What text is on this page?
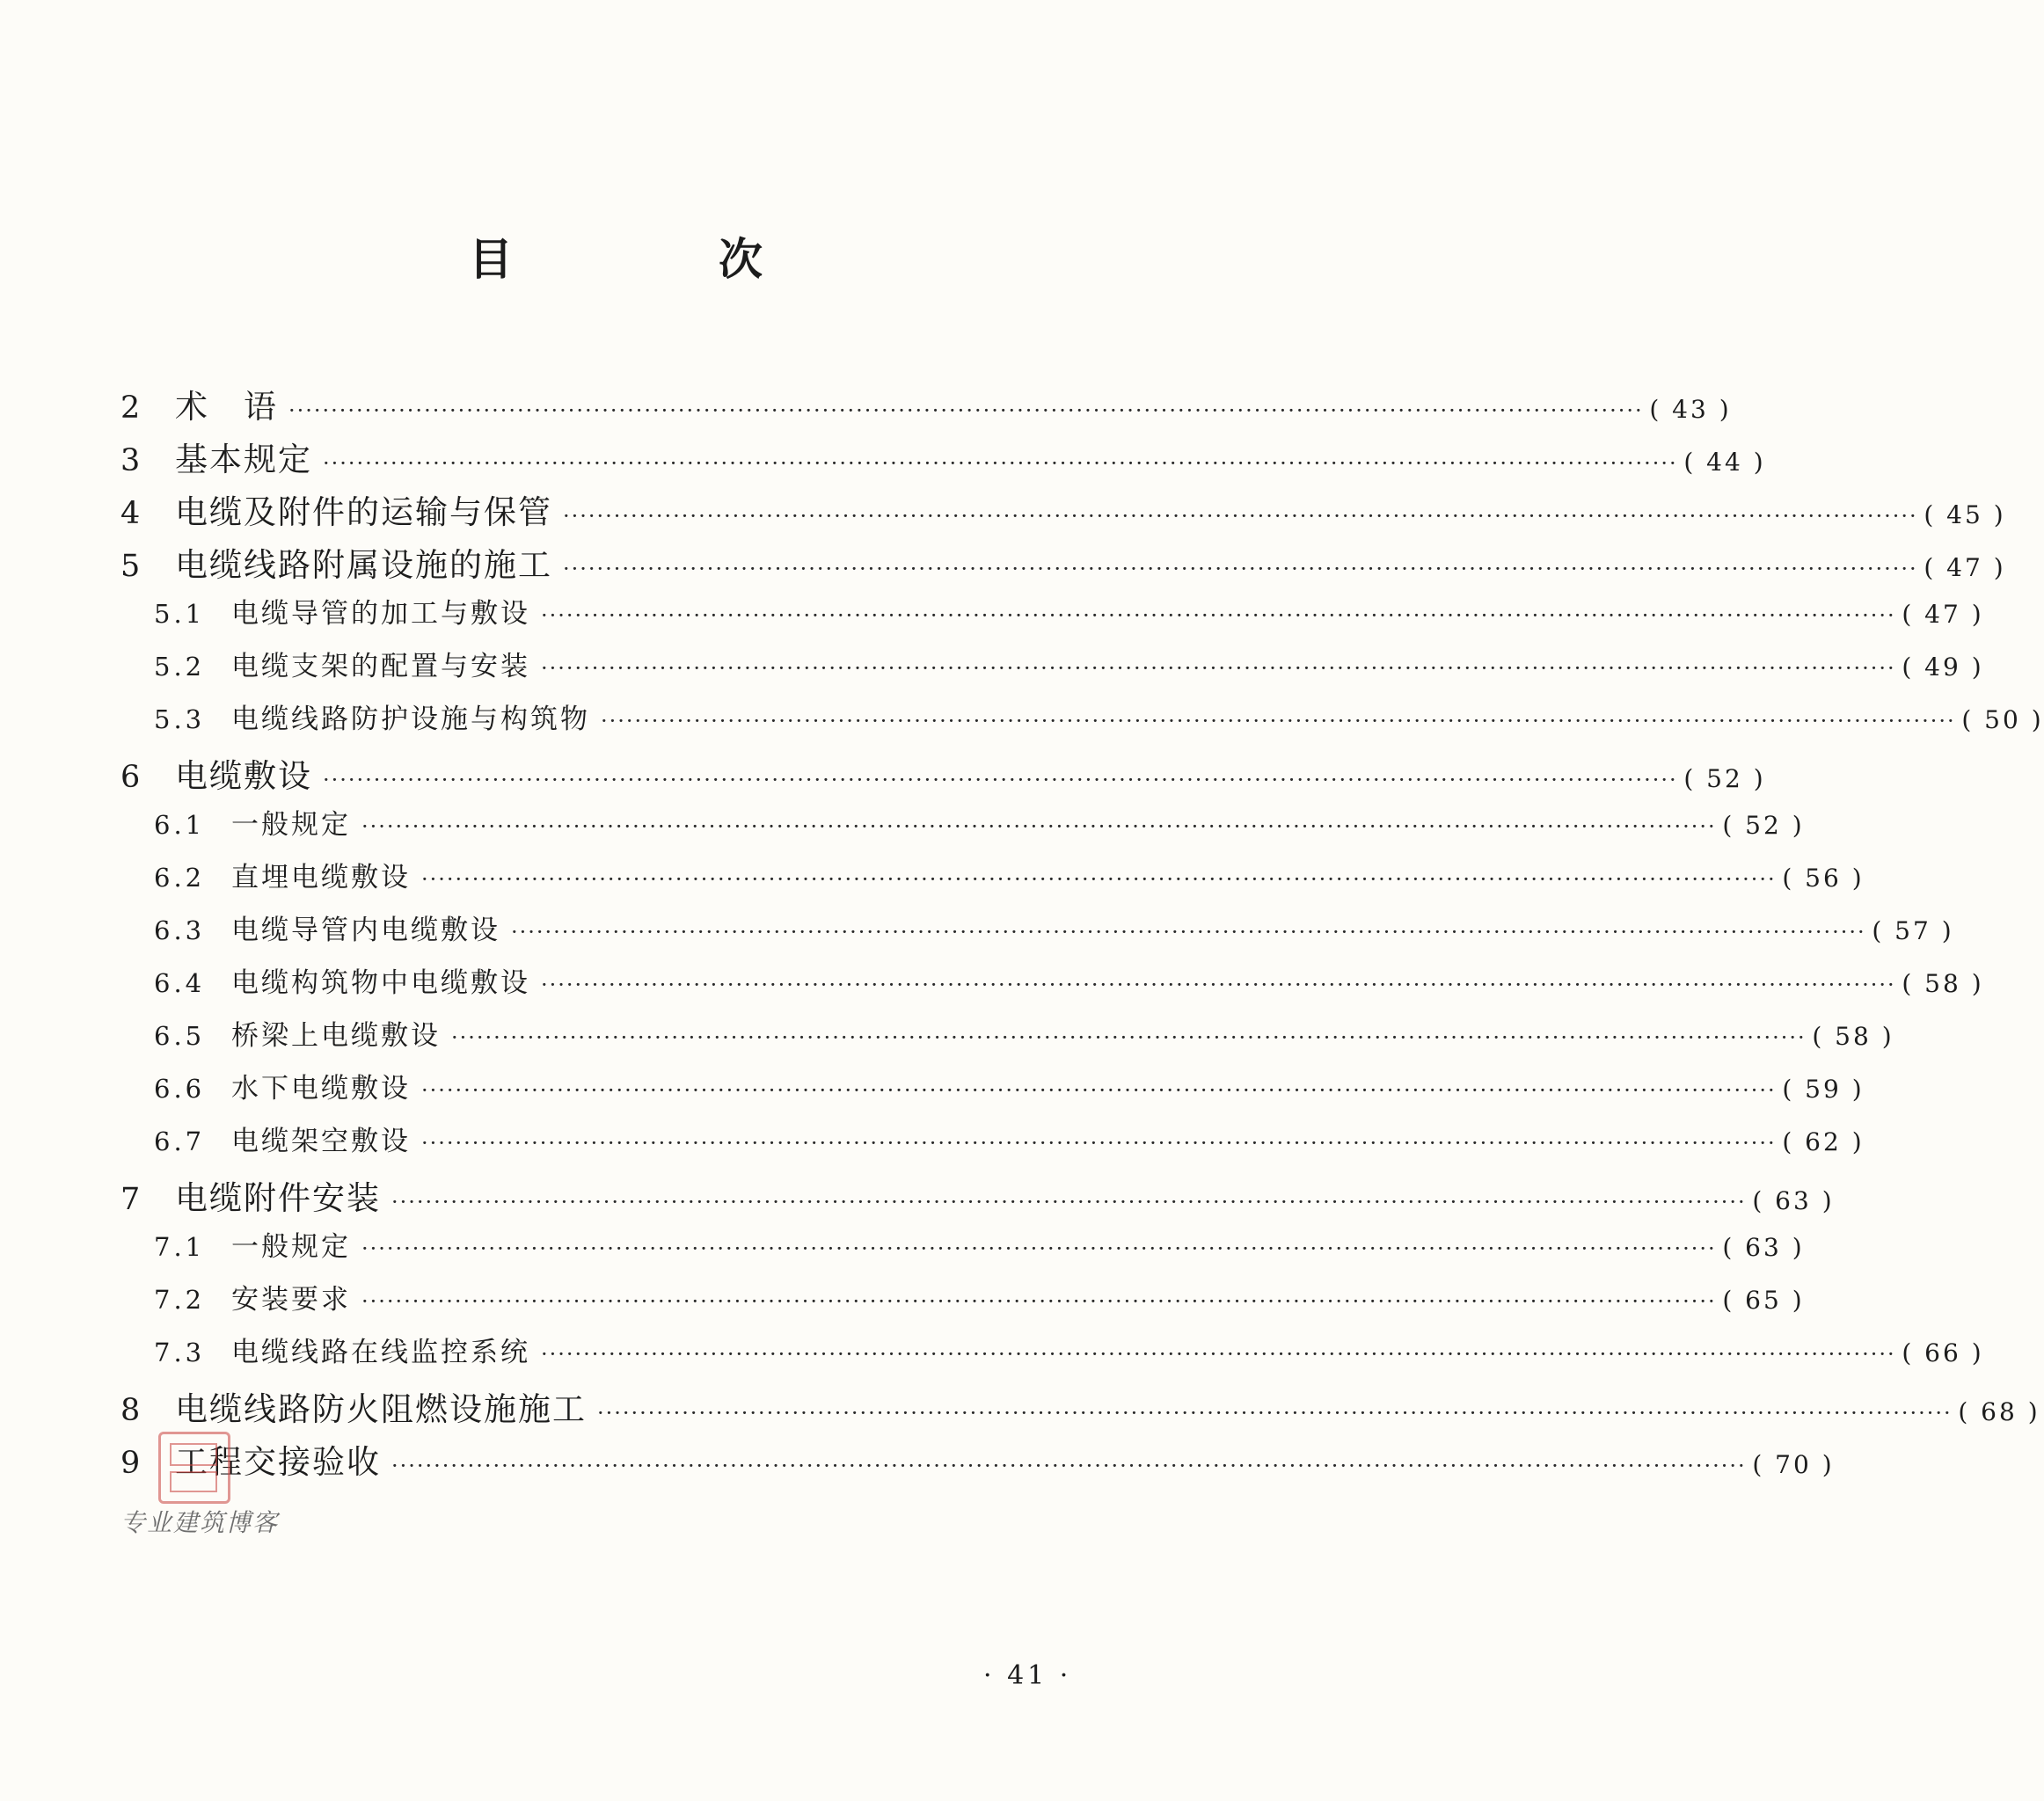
目　次
2	术　语 ································································································································································ ( 43 )
3	基本规定 ································································································································································ ( 44 )
4	电缆及附件的运输与保管 ································································································································································ ( 45 )
5	电缆线路附属设施的施工 ································································································································································ ( 47 )
5.1 电缆导管的加工与敷设 ································································································································································ ( 47 )
5.2 电缆支架的配置与安装 ································································································································································ ( 49 )
5.3 电缆线路防护设施与构筑物 ································································································································································ ( 50 )
6	电缆敷设 ································································································································································ ( 52 )
6.1 一般规定 ································································································································································ ( 52 )
6.2 直埋电缆敷设 ································································································································································ ( 56 )
6.3 电缆导管内电缆敷设 ································································································································································ ( 57 )
6.4 电缆构筑物中电缆敷设 ································································································································································ ( 58 )
6.5 桥梁上电缆敷设 ································································································································································ ( 58 )
6.6 水下电缆敷设 ································································································································································ ( 59 )
6.7 电缆架空敷设 ································································································································································ ( 62 )
7	电缆附件安装 ································································································································································ ( 63 )
7.1 一般规定 ································································································································································ ( 63 )
7.2 安装要求 ································································································································································ ( 65 )
7.3 电缆线路在线监控系统 ································································································································································ ( 66 )
8	电缆线路防火阻燃设施施工 ································································································································································ ( 68 )
9	工程交接验收 ································································································································································ ( 70 )
专业建筑博客
· 41 ·
